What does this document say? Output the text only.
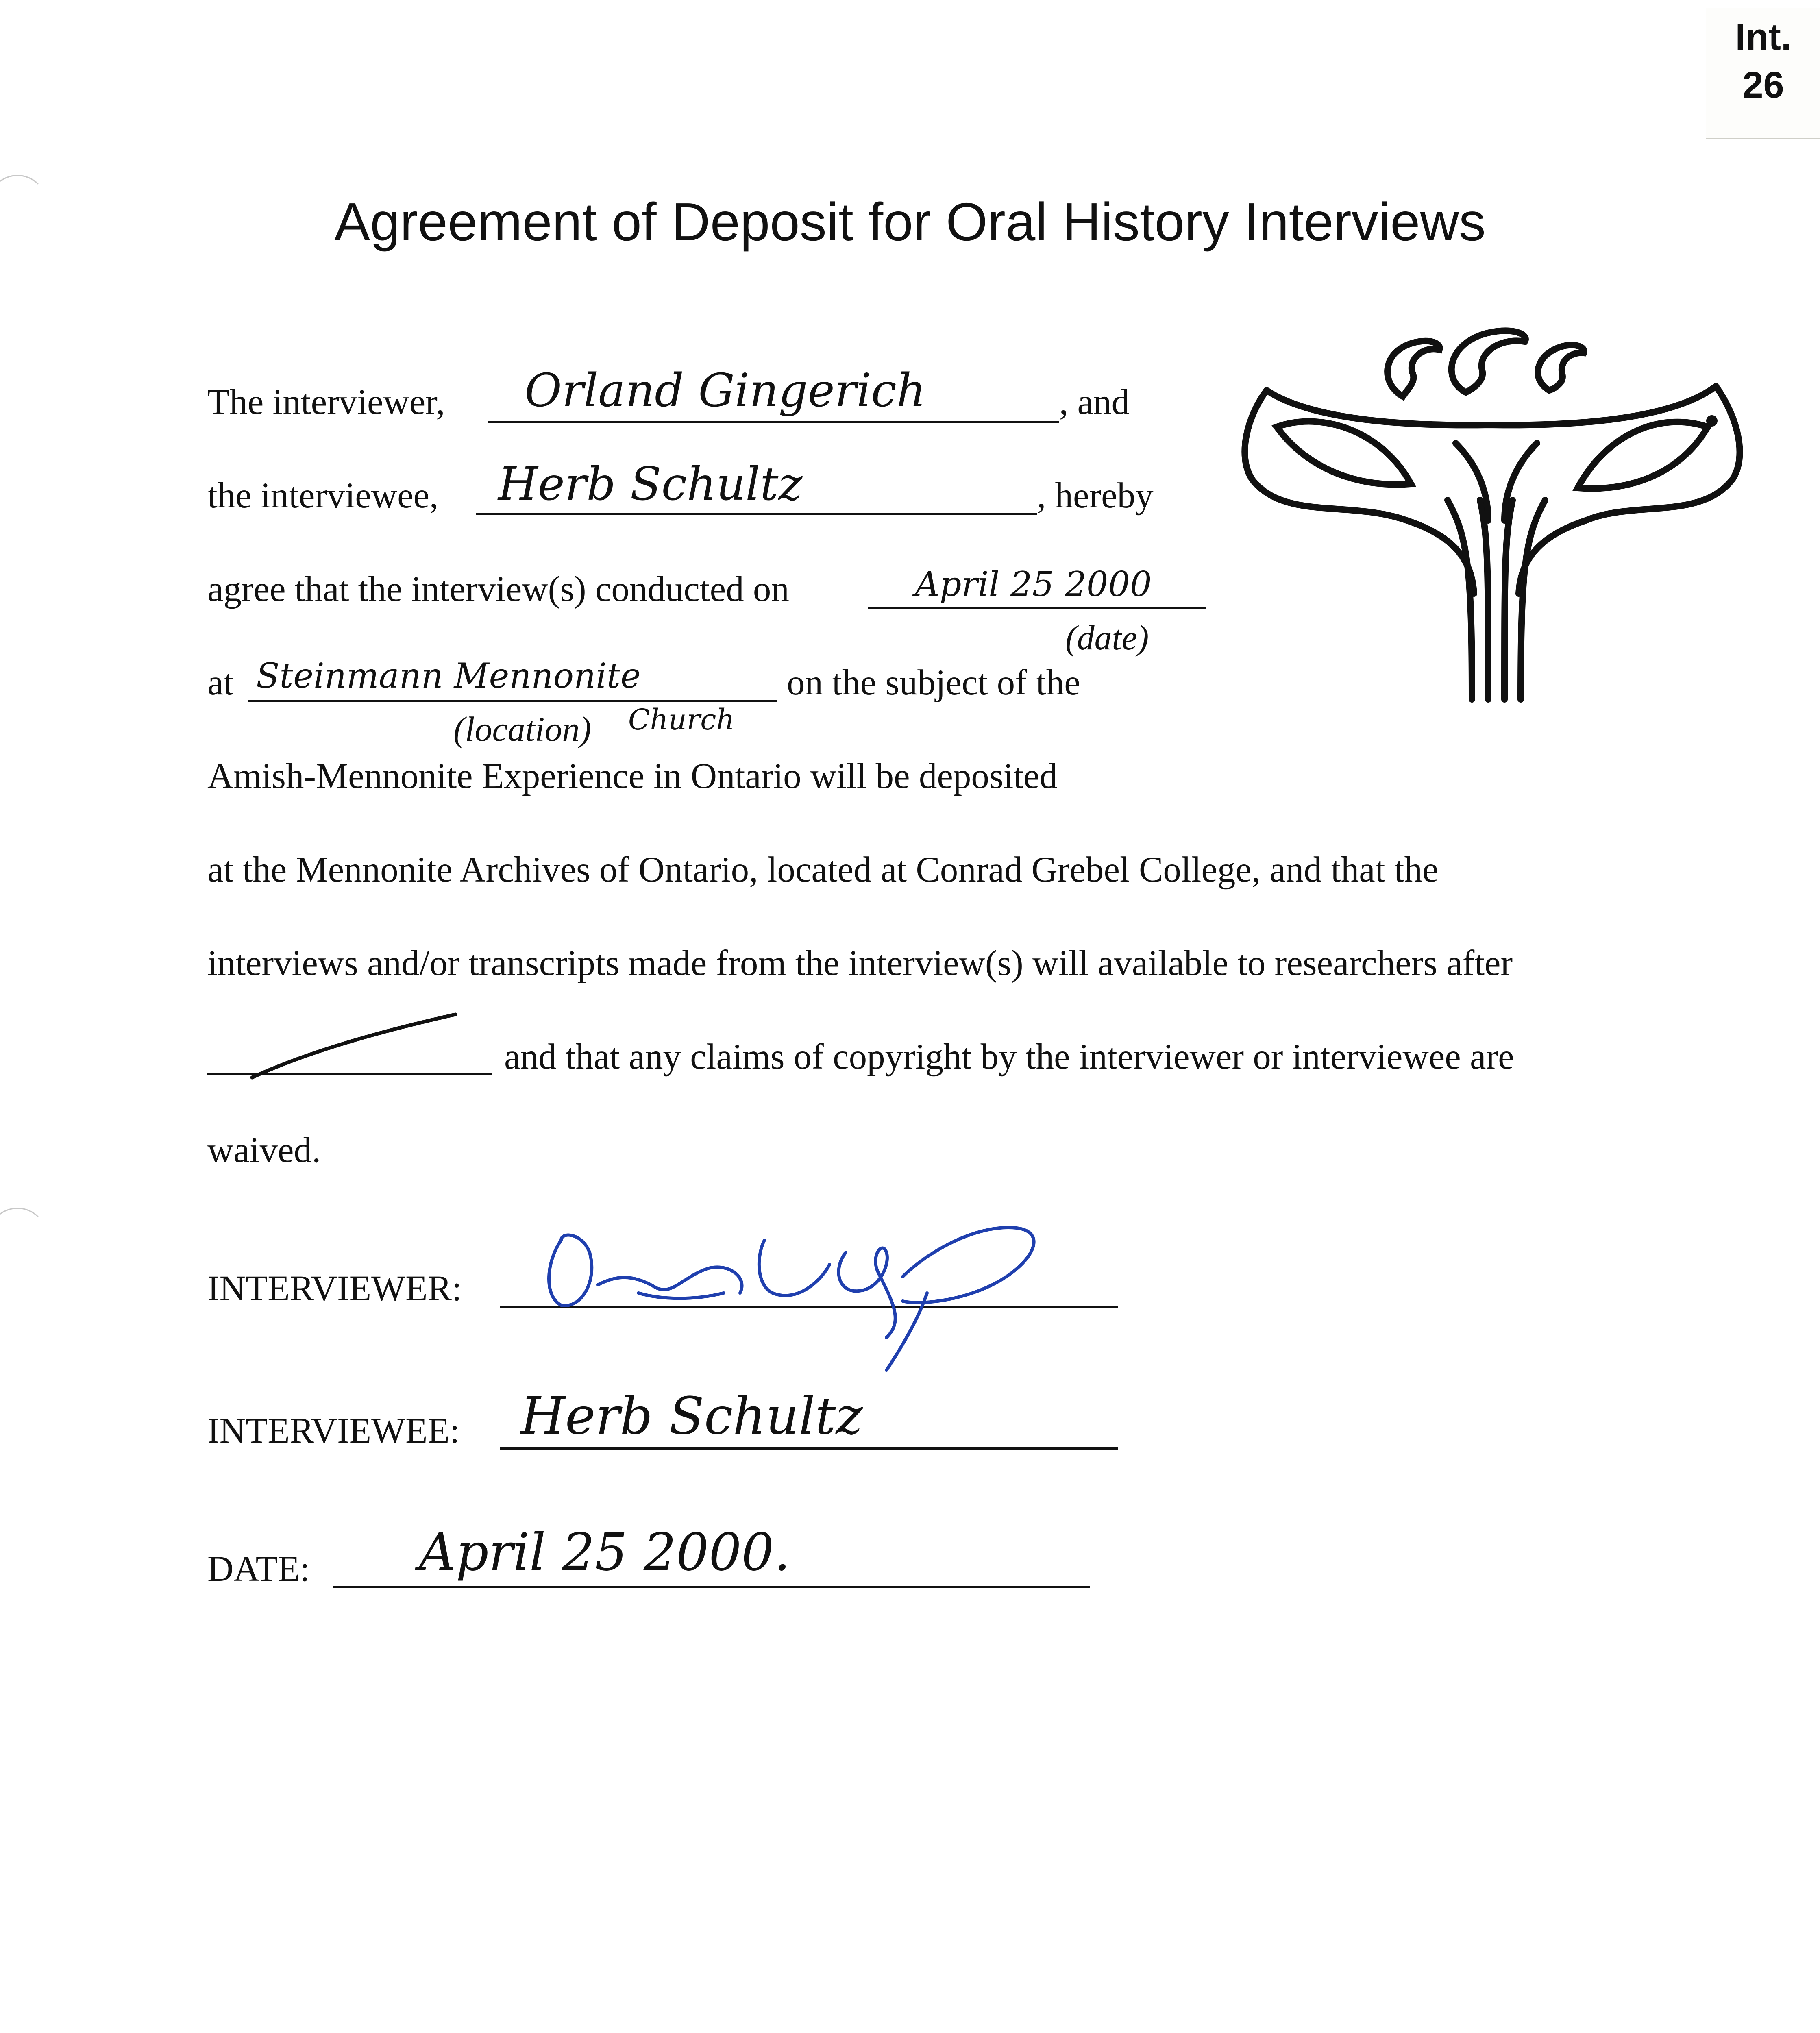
Int.
26
Agreement of Deposit for Oral History Interviews
The interviewer, Orland Gingerich	, and
the interviewee, Herb Schultz	, hereby
agree that the interview(s) conducted on	April 25 2000
(date)
at Steinmann Mennonite	on the subject of the
(location) Church
Amish-Mennonite Experience in Ontario will be deposited
at the Mennonite Archives of Ontario, located at Conrad Grebel College, and that the
interviews and/or transcripts made from the interview(s) will available to researchers after
and that any claims of copyright by the interviewer or interviewee are
waived.
INTERVIEWER:
INTERVIEWEE: Herb Schultz
DATE: April 25 2000.
